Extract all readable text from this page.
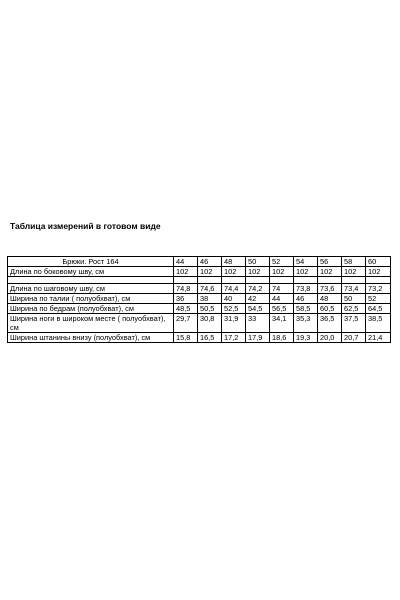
Таблица измерений в готовом виде
Брюки. Рост 164	44	46	48	50	52	54	56	58	60
Длина по боковому шву, см	102	102	102	102	102	102	102	102	102

Длина по шаговому шву, см	74,8	74,6	74,4	74,2	74	73,8	73,6	73,4	73,2
Ширина по талии ( полуобхват), см	36	38	40	42	44	46	48	50	52
Ширина по бедрам (полуобхват), см	48,5	50,5	52,5	54,5	56,5	58,5	60,5	62,5	64,5
Ширина ноги в широком месте ( полуобхват), см	29,7	30,8	31,9	33	34,1	35,3	36,5	37,5	38,5
Ширина штанины внизу (полуобхват), см	15,8	16,5	17,2	17,9	18,6	19,3	20,0	20,7	21,4
